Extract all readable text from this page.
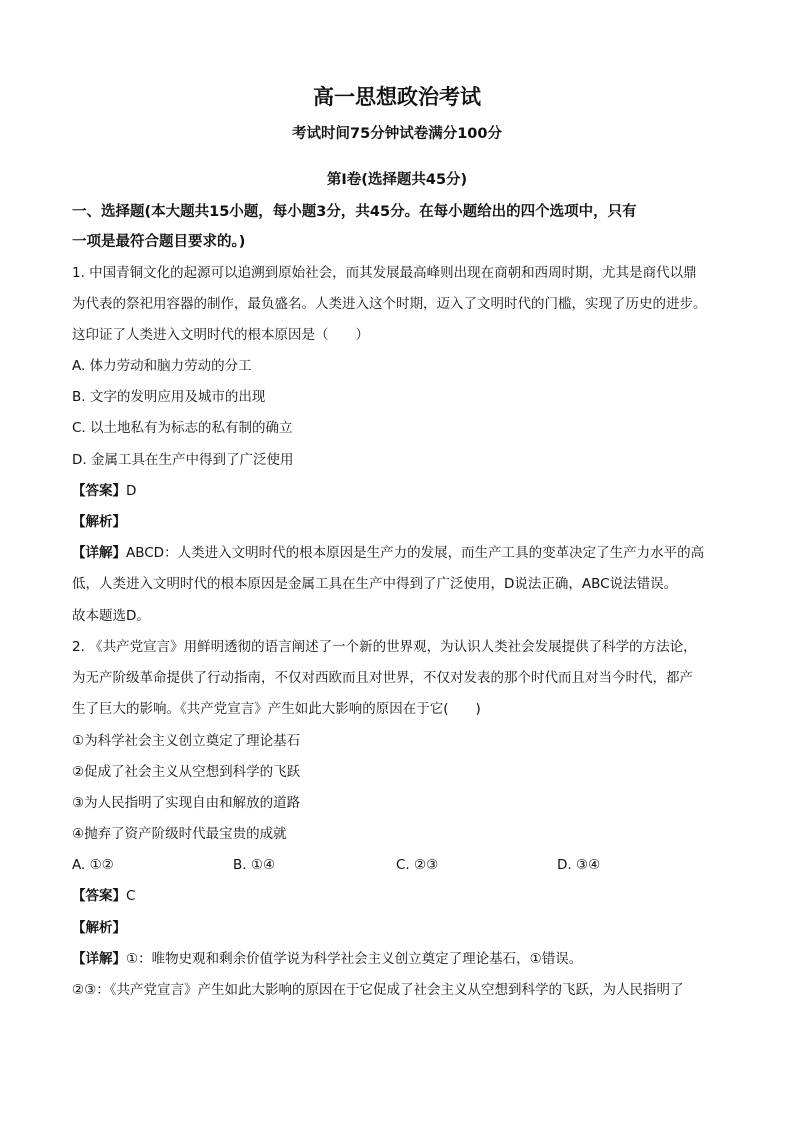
高一思想政治考试
考试时间75分钟试卷满分100分
第Ⅰ卷(选择题共45分)
一、选择题(本大题共15小题，每小题3分，共45分。在每小题给出的四个选项中，只有
一项是最符合题目要求的。)
1. 中国青铜文化的起源可以追溯到原始社会，而其发展最高峰则出现在商朝和西周时期，尤其是商代以鼎
为代表的祭祀用容器的制作，最负盛名。人类进入这个时期，迈入了文明时代的门槛，实现了历史的进步。
这印证了人类进入文明时代的根本原因是（　　）
A. 体力劳动和脑力劳动的分工
B. 文字的发明应用及城市的出现
C. 以土地私有为标志的私有制的确立
D. 金属工具在生产中得到了广泛使用
【答案】D
【解析】
【详解】ABCD：人类进入文明时代的根本原因是生产力的发展，而生产工具的变革决定了生产力水平的高
低，人类进入文明时代的根本原因是金属工具在生产中得到了广泛使用，D说法正确，ABC说法错误。
故本题选D。
2. 《共产党宣言》用鲜明透彻的语言阐述了一个新的世界观，为认识人类社会发展提供了科学的方法论，
为无产阶级革命提供了行动指南，不仅对西欧而且对世界，不仅对发表的那个时代而且对当今时代，都产
生了巨大的影响。《共产党宣言》产生如此大影响的原因在于它(　　)
①为科学社会主义创立奠定了理论基石
②促成了社会主义从空想到科学的飞跃
③为人民指明了实现自由和解放的道路
④抛弃了资产阶级时代最宝贵的成就
A. ①②	B. ①④	C. ②③	D. ③④
【答案】C
【解析】
【详解】①：唯物史观和剩余价值学说为科学社会主义创立奠定了理论基石，①错误。
②③：《共产党宣言》产生如此大影响的原因在于它促成了社会主义从空想到科学的飞跃，为人民指明了
